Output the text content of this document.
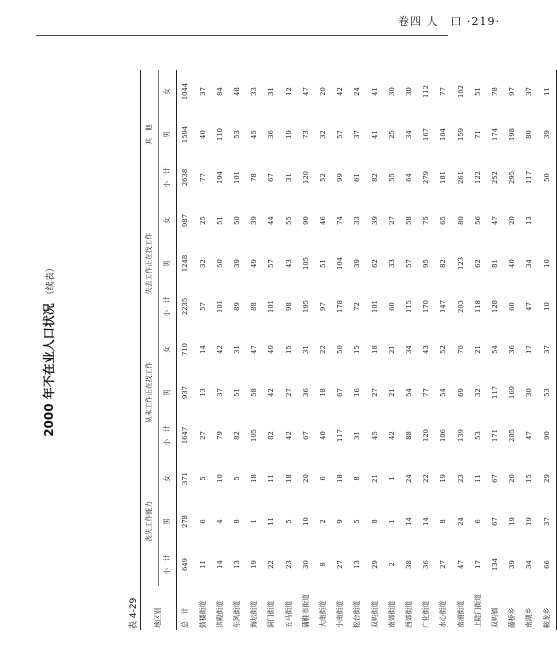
卷四 人　口 ·219·
2000 年不在业人口状况（续表）
表 4-29 地区别	丧失工作能力			从未工作正在找工作			失去工作正在找工作			其　他		
	小　计	男	女	小　计	男	女	小　计	男	女	小　计	男	女
总　计	649	278	371	1647	937	710	2235	1248	987	2638	1594	1044
鼓楼街道	11	6	5	27	13	14	57	32	25	77	40	37
洪殿街道	14	4	10	79	37	42	101	50	51	194	110	84
东风街道	13	8	5	82	51	31	89	39	50	101	53	48
海坛街道	19	1	18	105	58	47	88	49	39	78	45	33
洞门街道	22	11	11	82	42	40	101	57	44	67	36	31
五马街道	23	5	18	42	27	15	98	43	55	31	19	12
蒲鞋市街道	30	10	20	67	36	31	195	105	90	120	73	47
大南街道	8	2	6	40	18	22	97	51	46	52	32	20
小南街道	27	9	18	117	67	50	178	104	74	99	57	42
松台街道	13	5	8	31	16	15	72	39	33	61	37	24
双屿街道	29	8	21	45	27	18	101	62	39	82	41	41
南郊街道	2	1	1	42	21	21	60	33	27	55	25	30
西郊街道	38	14	24	88	54	34	115	57	58	64	34	30
广化街道	36	14	22	120	77	43	170	95	75	279	167	112
水心街道	27	8	19	106	54	52	147	82	65	181	104	77
南浦街道	47	24	23	139	69	70	203	123	80	261	159	102
上陡门街道	17	6	11	53	32	21	118	62	56	122	71	51
双屿镇	134	67	67	171	117	54	128	81	47	252	174	78
藤桥乡	39	19	20	205	169	36	60	40	20	295	198	97
南湖乡	34	19	15	47	30	17	47	34	13	117	80	37
鞍龙乡	66	37	29	90	53	37	10	10		50	39	11
